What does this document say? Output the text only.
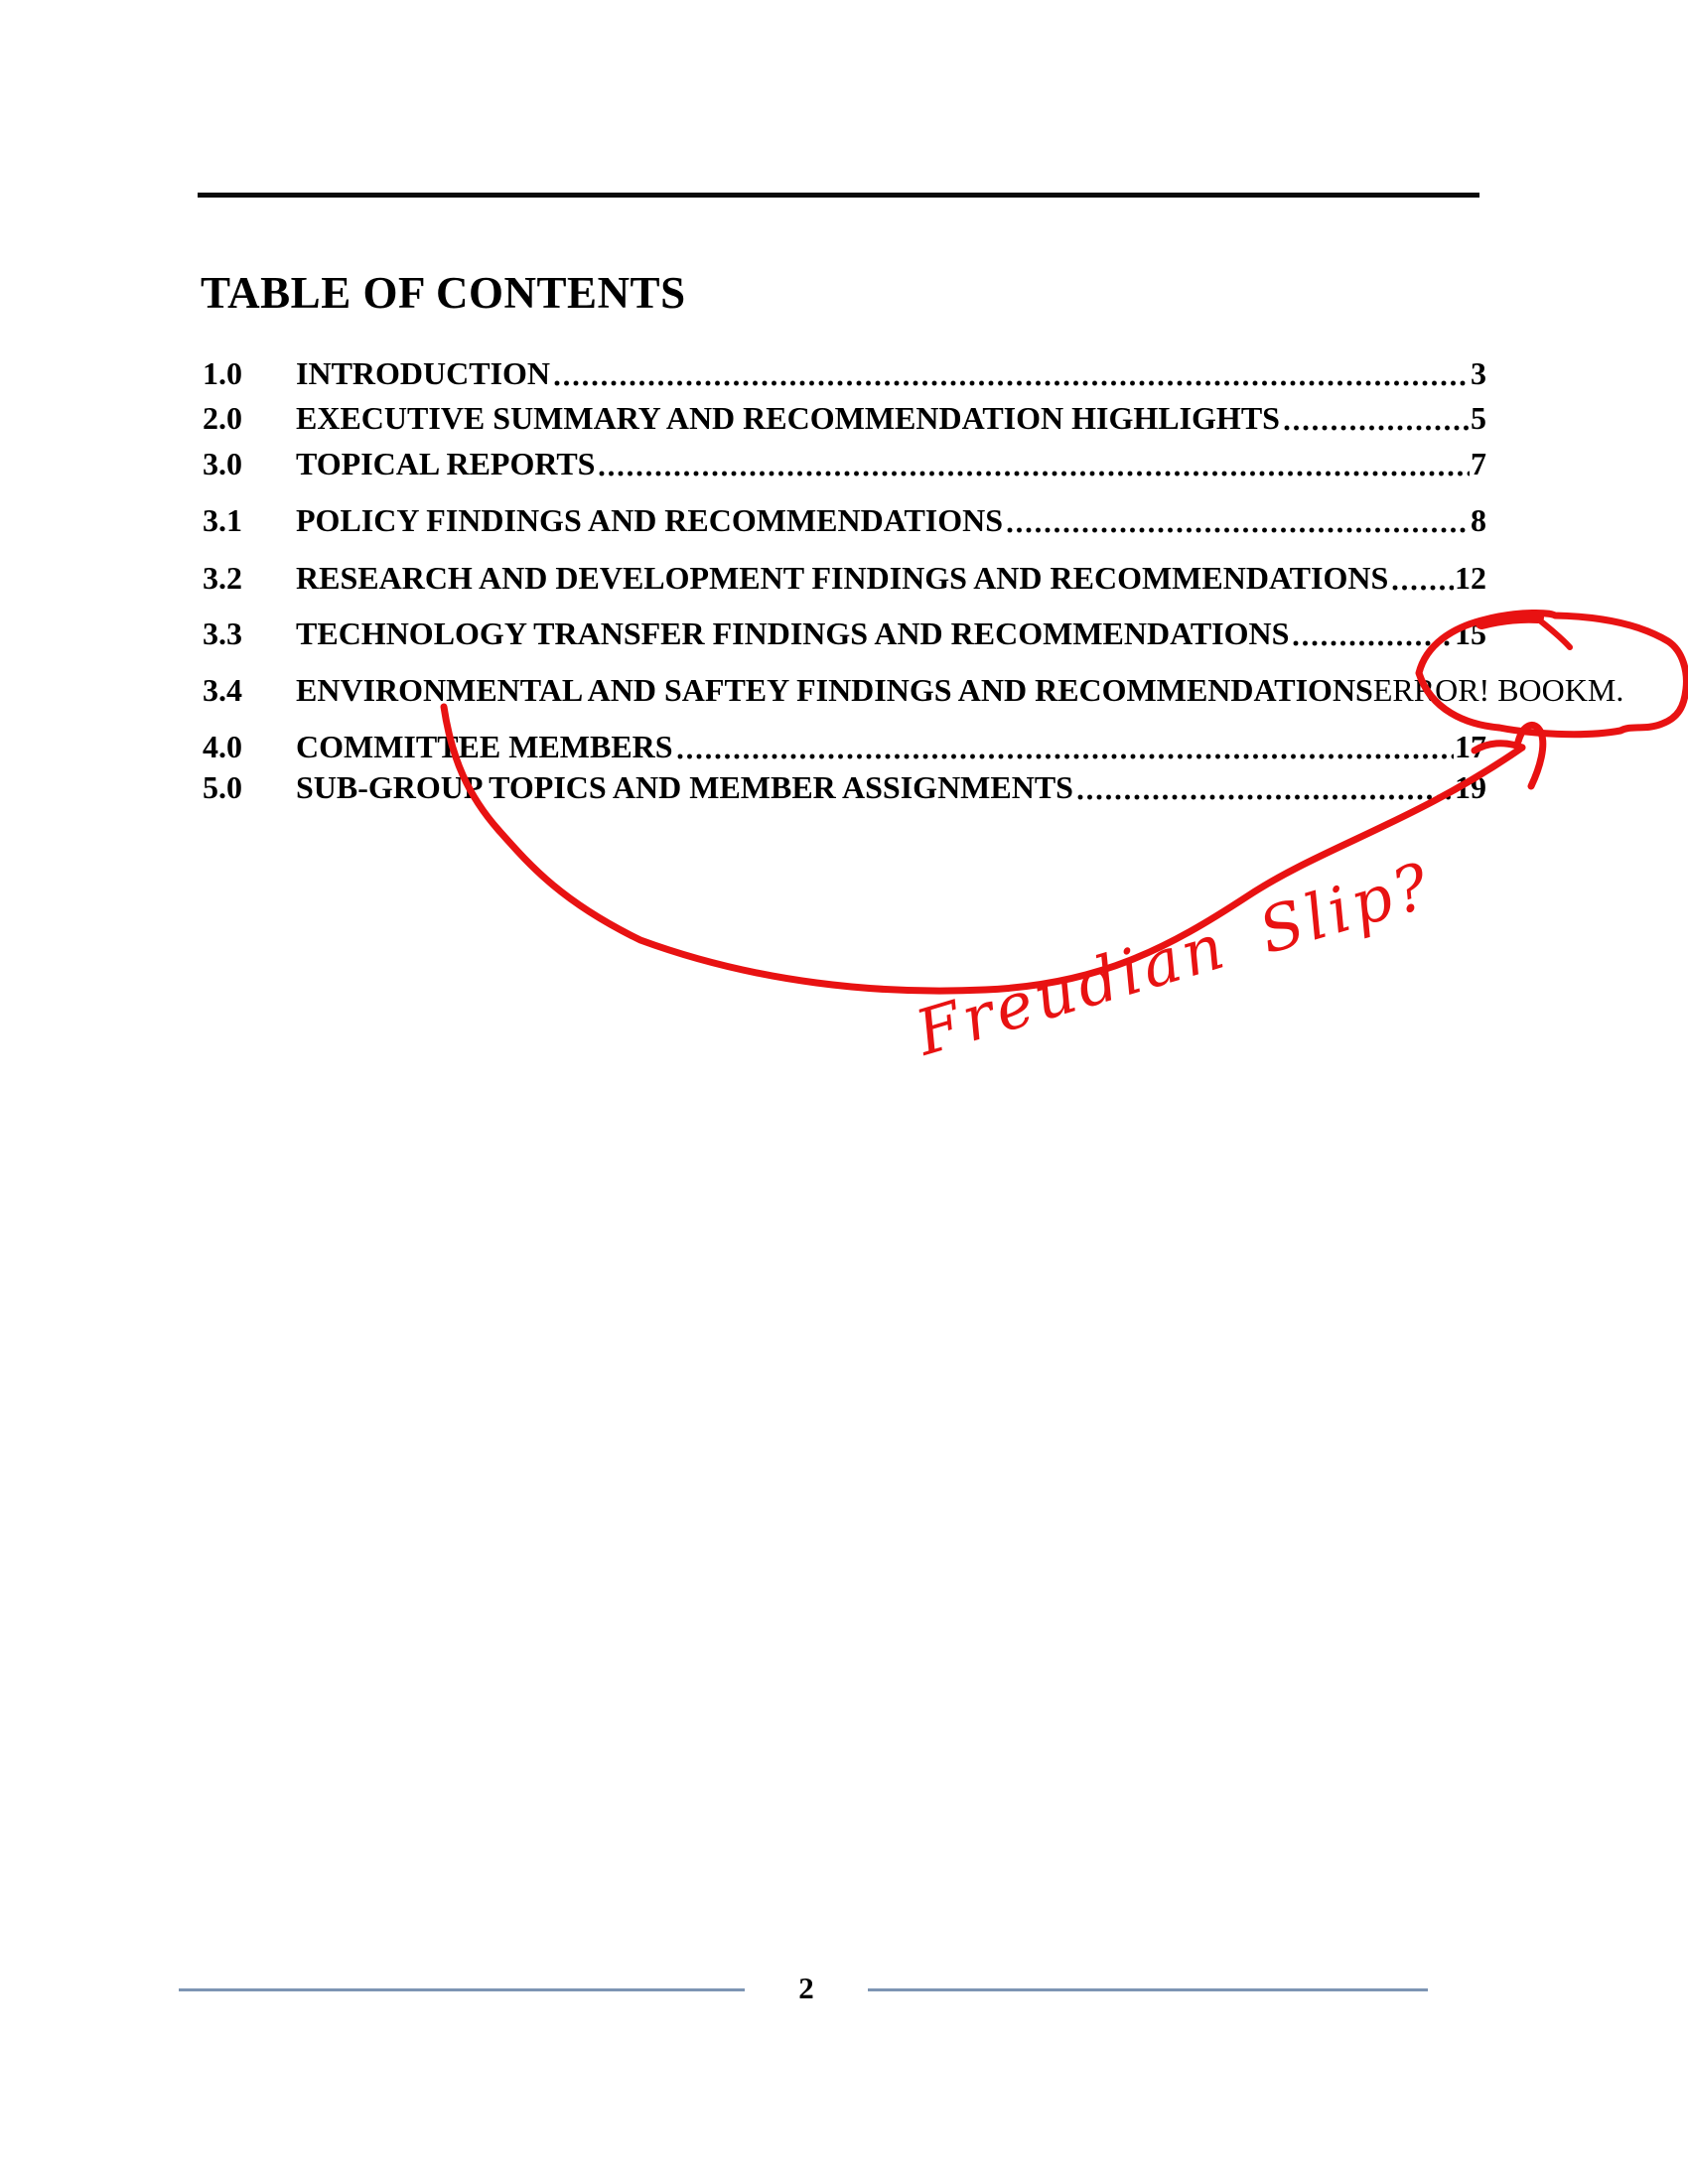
TABLE OF CONTENTS
1.0	INTRODUCTION	3
2.0	EXECUTIVE SUMMARY AND RECOMMENDATION HIGHLIGHTS	5
3.0	TOPICAL REPORTS	7
3.1	POLICY FINDINGS AND RECOMMENDATIONS	8
3.2	RESEARCH AND DEVELOPMENT FINDINGS AND RECOMMENDATIONS 12
3.3	TECHNOLOGY TRANSFER FINDINGS AND RECOMMENDATIONS	15
3.4	ENVIRONMENTAL AND SAFTEY FINDINGS AND RECOMMENDATIONS ERROR! BOOKM.
4.0	COMMITTEE MEMBERS	17
5.0	SUB-GROUP TOPICS AND MEMBER ASSIGNMENTS	19
Freudian Slip?
2
